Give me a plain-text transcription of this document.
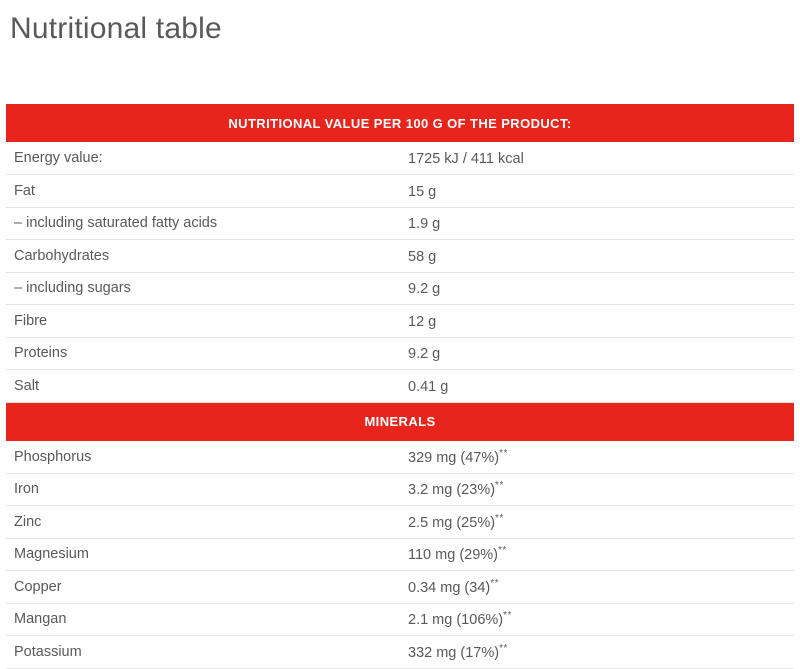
Nutritional table
NUTRITIONAL VALUE PER 100 G OF THE PRODUCT:	
Energy value:	1725 kJ / 411 kcal
Fat	15 g
– including saturated fatty acids	1.9 g
Carbohydrates	58 g
– including sugars	9.2 g
Fibre	12 g
Proteins	9.2 g
Salt	0.41 g
MINERALS	
Phosphorus	329 mg (47%)**
Iron	3.2 mg (23%)**
Zinc	2.5 mg (25%)**
Magnesium	110 mg (29%)**
Copper	0.34 mg (34)**
Mangan	2.1 mg (106%)**
Potassium	332 mg (17%)**
